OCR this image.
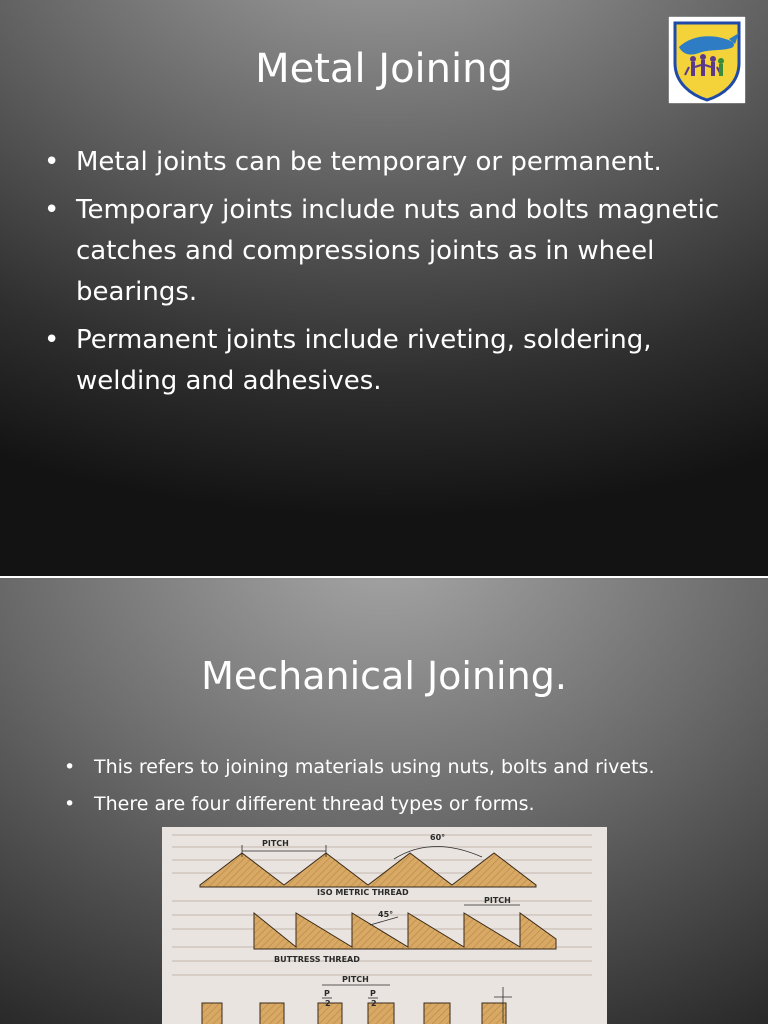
Metal Joining
• Metal joints can be temporary or permanent.
• Temporary joints include nuts and bolts magnetic catches and compressions joints as in wheel bearings.
• Permanent joints include riveting, soldering, welding and adhesives.
Mechanical Joining.
• This refers to joining materials using nuts, bolts and rivets.
• There are four different thread types or forms.
PITCH
60°
ISO METRIC THREAD
45°
PITCH
BUTTRESS THREAD
PITCH
P
2
P
2
